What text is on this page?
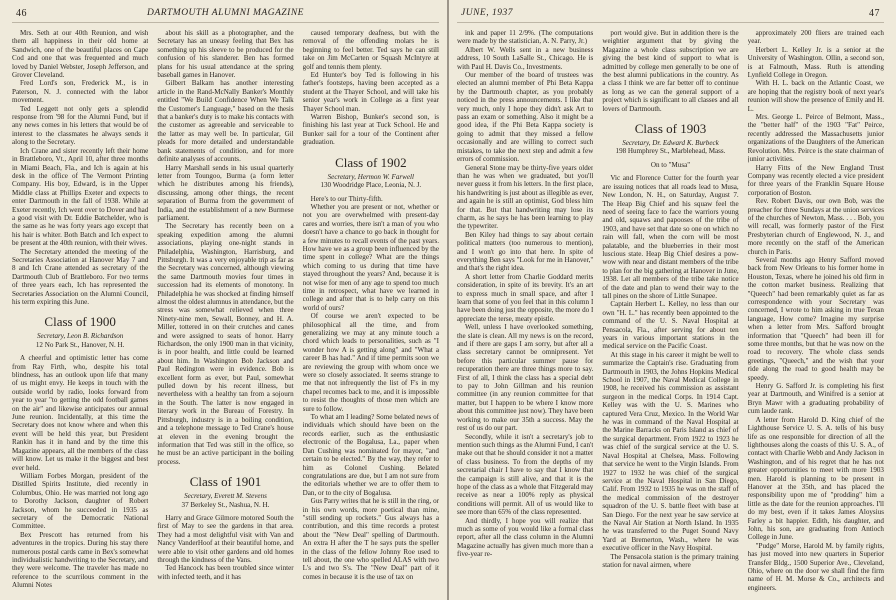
46	DARTMOUTH ALUMNI MAGAZINE

Mrs. Seth at our 40th Reunion, and wish them all happiness in their old home at Sandwich, one of the beautiful places on Cape Cod and one that was frequented and much loved by Daniel Webster, Joseph Jefferson, and Grover Cleveland.

Fred Lord's son, Frederick M., is in Paterson, N. J. connected with the labor movement.

Ted Leggett not only gets a splendid response from '98 for the Alumni Fund, but if any news comes in his letters that would be of interest to the classmates he always sends it along to the Secretary.

Ich Crane and sister recently left their home in Brattleboro, Vt., April 10, after three months in Miami Beach, Fla., and Ich is again at his desk in the office of The Vermont Printing Company. His boy, Edward, is in the Upper Middle class at Phillips Exeter and expects to enter Dartmouth in the fall of 1938. While at Exeter recently, Ich went over to Dover and had a good visit with Dr. Eddie Batchelder, who is the same as he was forty years ago except that his hair is whiter. Both Batch and Ich expect to be present at the 40th reunion, with their wives.

The Secretary attended the meeting of the Secretaries Association at Hanover May 7 and 8 and Ich Crane attended as secretary of the Dartmouth Club of Brattleboro. For two terms of three years each, Ich has represented the Secretaries Association on the Alumni Council, his term expiring this June.

Class of 1900

Secretary, Leon B. Richardson

12 No Park St., Hanover, N. H.

A cheerful and optimistic letter has come from Ray Firth, who, despite his total blindness, has an outlook upon life that many of us might envy. He keeps in touch with the outside world by radio, looks forward from year to year "to getting the odd football games on the air" and likewise anticipates our annual June reunion. Incidentally, at this time the Secretary does not know where and when this event will be held this year, but President Rankin has it in hand and by the time this Magazine appears, all the members of the class will know. Let us make it the biggest and best ever held.

William Forbes Morgan, president of the Distilled Spirits Institute, died recently in Columbus, Ohio. He was married not long ago to Dorothy Jackson, daughter of Robert Jackson, whom he succeeded in 1935 as secretary of the Democratic National Committee.

Bex Prescott has returned from his adventures in the tropics. During his stay there numerous postal cards came in Bex's somewhat individualistic handwriting to the Secretary, and they were welcome. The traveler has made no reference to the scurrilous comment in the Alumni Notes

about his skill as a photographer, and the Secretary has an uneasy feeling that Bex has something up his sleeve to be produced for the confusion of his slanderer. Ben has formed plans for his usual attendance at the spring baseball games in Hanover.

Gilbert Balkam has another interesting article in the Rand-McNally Banker's Monthly entitled "We Build Confidence When We Talk the Customer's Language," based on the thesis that a banker's duty is to make his contacts with the customer as agreeable and serviceable to the latter as may well be. In particular, Gil pleads for more detailed and understandable bank statements of condition, and for more definite analyses of accounts.

Harry Marshall sends in his usual quarterly letter from Toungoo, Burma (a form letter which he distributes among his friends), discussing, among other things, the recent separation of Burma from the government of India, and the establishment of a new Burmese parliament.

The Secretary has recently been on a speaking expedition among the alumni associations, playing one-night stands in Philadelphia, Washington, Harrisburg, and Pittsburgh. It was a very enjoyable trip as far as the Secretary was concerned, although viewing the same Dartmouth movies four times in succession had its elements of monotony. In Philadelphia he was shocked at finding himself almost the oldest alumnus in attendance, but the stress was somewhat relieved when three Ninety-nine men, Sewall, Bonney, and H. A. Miller, tottered in on their crutches and canes and were assigned to seats of honor. Harry Richardson, the only 1900 man in that vicinity, is in poor health, and little could be learned about him. In Washington Bob Jackson and Paul Redington were in evidence. Bob is excellent form as ever, but Paul, somewhat pulled down by his recent illness, but nevertheless with a healthy tan from a sojourn in the South. The latter is now engaged in literary work in the Bureau of Forestry. In Pittsburgh, industry is in a boiling condition, and a telephone message to Ted Crane's house at eleven in the evening brought the information that Ted was still in the office, so he must be an active participant in the boiling process.

Class of 1901

Secretary, Everett M. Stevens

37 Berkeley St., Nashua, N. H.

Harry and Grace Gilmore motored South the first of May to see the gardens in that area. They had a most delightful visit with Van and Nancy VanderHoof at their beautiful home, and were able to visit other gardens and old homes through the kindness of the Vans.

Ted Hancock has been troubled since winter with infected teeth, and it has

caused temporary deafness, but with the removal of the offending molars he is beginning to feel better. Ted says he can still take on Jim McCarten or Squash McIntyre at golf and tennis them plenty.

Ed Hunter's boy Ted is following in his father's footsteps, having been accepted as a student at the Thayer School, and will take his senior year's work in College as a first year Thayer School man.

Warren Bishop, Bunker's second son, is finishing his last year at Tuck School. He and Bunker sail for a tour of the Continent after graduation.

Class of 1902

Secretary, Hermon W. Farwell

130 Woodridge Place, Leonia, N. J.

Here's to our Thirty-fifth.

Whether you are present or not, whether or not you are overwhelmed with present-day cares and worries, there isn't a man of you who doesn't have a chance to go back in thought for a few minutes to recall events of the past years. How have we as a group been influenced by the time spent in college? What are the things which coming to us during that time have stayed throughout the years? And, because it is not wise for men of any age to spend too much time in retrospect, what have we learned in college and after that is to help carry on this world of ours?

Of course we aren't expected to be philosophical all the time, and from generalizing we may at any minute touch a chord which leads to personalities, such as "I wonder how A is getting along" and "What a career B has had." And if time permits soon we are reviewing the group with whom once we were so closely associated. It seems strange to me that not infrequently the list of F's in my chapel recomes back to me, and it is impossible to resist the thoughts of those men which are sure to follow.

To what am I leading? Some belated news of individuals which should have been on the records earlier, such as the enthusiastic electronic of the Bogalusa, La., paper when Dan Cushing was nominated for mayor, "and certain to be elected." By the way, they refer to him as Colonel Cushing. Belated congratulations are due, but I am not sure from the editorials whether we are to offer them to Dan, or to the city of Bogalusa.

Gus Parry writes that he is still in the ring, or in his own words, more poetical than mine, "still sending up rockets." Gus always has a contribution, and this time records a protest about the "New Deal" spelling of Dartmouth. An extra H after the T he says puts the speller in the class of the fellow Johnny Roe used to tell about, the one who spelled ALAS with two L's and two S's. The "New Deal" part of it comes in because it is the use of tax on

JUNE, 1937	47

ink and paper 11 2/9%. (The computations were made by the statistician, A. N. Parry, Jr.)

Albert W. Wells sent in a new business address, 10 South LaSalle St., Chicago. He is with Paul H. Davis Co., Investments.

Our member of the board of trustees was elected an alumni member of Phi Beta Kappa by the Dartmouth chapter, as you probably noticed in the press announcements. I like that very much, only I hope they didn't ask Art to pass an exam or something. Also it might be a good idea, if the Phi Beta Kappa society is going to admit that they missed a fellow occasionally and are willing to correct such mistakes, to take the next step and admit a few errors of commission.

General Stone may be thirty-five years older than he was when we graduated, but you'll never guess it from his letters. In the first place, his handwriting is just about as illegible as ever, and again he is still an optimist, God bless him for that. But that handwriting may lose its charm, as he says he has been learning to play the typewriter.

Ben Kiley had things to say about certain political matters (too numerous to mention), and I won't go into that here. In spite of everything Ben says "Look for me in Hanover," and that's the right idea.

A short letter from Charlie Goddard merits consideration, in spite of its brevity. It's an art to express much in small space, and after I learn that some of you feel that in this column I have been doing just the opposite, the more do I appreciate the terse, meaty epistle.

Well, unless I have overlooked something, the slate is clean. All my news is on the record, and if there are gaps I am sorry, but after all a class secretary cannot be omnipresent. Yet before this particular summer pause for recuperation there are three things more to say. First of all, I think the class has a special debt to pay to John Gillman and his reunion committee (in any reunion committee for that matter, but I happen to be where I know more about this committee just now). They have been working to make our 35th a success. May the rest of us do our part.

Secondly, while it isn't a secretary's job to mention such things as the Alumni Fund, I can't make out that he should consider it not a matter of class business. To from the depths of my secretarial chair I have to say that I know that the campaign is still alive, and that it is the hope of the class as a whole that Fitzgerald may receive as near a 100% reply as physical conditions will permit. All of us would like to see more than 65% of the class represented.

And thirdly, I hope you will realize that much as some of you would like a formal class report, after all the class column in the Alumni Magazine actually has given much more than a five-year re-

port would give. But in addition there is the weightier argument that by giving the Magazine a whole class subscription we are giving the best kind of support to what is admitted by college men generally to be one of the best alumni publications in the country. As a class I think we are far better off to continue as long as we can the general support of a project which is significant to all classes and all lovers of Dartmouth.

Class of 1903

Secretary, Dr. Edward K. Burbeck

198 Humphrey St., Marblehead, Mass.

On to "Musa"

Vic and Florence Cutter for the fourth year are issuing notices that all roads lead to Musa, New London, N. H., on Saturday, August 7. The Heap Big Chief and his squaw feel the need of seeing face to face the warriors young and old, squaws and papooses of the tribe of 1903, and have set that date so one on which no rain will fall, when the corn will be most palatable, and the blueberries in their most luscious state. Heap Big Chief desires a pow-wow with near and distant members of the tribe to plan for the big gathering at Hanover in June, 1938. Let all members of the tribe take notice of the date and plan to wend their way to the tall pines on the shore of Little Sunapee.

Captain Herbert L. Kelley, no less than our own "H. L." has recently been appointed to the command of the U. S. Naval Hospital at Pensacola, Fla., after serving for about ten years in various important stations in the medical service on the Pacific Coast.

At this stage in his career it might be well to summarize the Captain's rise. Graduating from Dartmouth in 1903, the Johns Hopkins Medical School in 1907, the Naval Medical College in 1908, he received his commission as assistant surgeon in the medical Corps. In 1914 Capt. Kelley was with the U. S. Marines who captured Vera Cruz, Mexico. In the World War he was in command of the Naval Hospital at the Marine Barracks on Paris Island as chief of the surgical department. From 1922 to 1923 he was chief of the surgical service at the U. S. Naval Hospital at Chelsea, Mass. Following that service he went to the Virgin Islands. From 1927 to 1932 he was chief of the surgical service at the Naval Hospital in San Diego, Calif. From 1932 to 1935 he was on the staff of the medical commission of the destroyer squadron of the U. S. battle fleet with base at San Diego. For the next year he saw service at the Naval Air Station at North Island. In 1935 he was transferred to the Puget Sound Navy Yard at Bremerton, Wash., where he was executive officer in the Navy Hospital.

The Pensacola station is the primary training station for naval airmen, where

approximately 200 fliers are trained each year.

Herbert L. Kelley Jr. is a senior at the University of Washington. Ollin, a second son, is at Falmouth, Mass. Ruth is attending Lynfield College in Oregon.

With H. L. back on the Atlantic Coast, we are hoping that the registry book of next year's reunion will show the presence of Emily and H. L.

Mrs. George L. Peirce of Belmont, Mass., the "better half" of the 1903 "Fat" Peirce, recently addressed the Massachusetts junior organizations of the Daughters of the American Revolution. Mrs. Peirce is the state chairman of junior activities.

Harry Fitts of the New England Trust Company was recently elected a vice president for three years of the Franklin Square House corporation of Boston.

Rev. Robert Davis, our own Bob, was the preacher for three Sundays at the union services of the churches of Newton, Mass. . . . Bob, you will recall, was formerly pastor of the First Presbyterian church of Englewood, N. J., and more recently on the staff of the American church in Paris.

Several months ago Henry Safford moved back from New Orleans to his former home in Houston, Texas, where he joined his old firm in the cotton market business. Realizing that "Queech" had been remarkably quiet as far as correspondence with your Secretary was concerned, I wrote to him asking in true Texan language, How come? Imagine my surprise when a letter from Mrs. Safford brought information that "Queech" had been ill for some three months, but that he was now on the road to recovery. The whole class sends greetings, "Queech," and the wish that your ride along the road to good health may be speedy.

Henry G. Safford Jr. is completing his first year at Dartmouth, and Winifred is a senior at Bryn Mawr with a graduating probability of cum laude rank.

A letter from Harold D. King chief of the Lighthouse Service U. S. A. tells of his busy life as one responsible for direction of all the lighthouses along the coasts of this U. S. A., of contact with Charlie Webb and Andy Jackson in Washington, and of his regret that he has not greater opportunities to meet with more 1903 men. Harold is planning to be present in Hanover at the 35th, and has placed the responsibility upon me of "prodding" him a little as the date for the reunion approaches. I'll do my best, even if it takes James Aloysius Farley a bit happier. Edith, his daughter, and John, his son, are graduating from Antioch College in June.

"Pudge" Morse, Harold M. by family rights, has just moved into new quarters in Superior Transfer Bldg., 1500 Superior Ave., Cleveland, Ohio, where on the door we shall find the firm name of H. M. Morse & Co., architects and engineers.
